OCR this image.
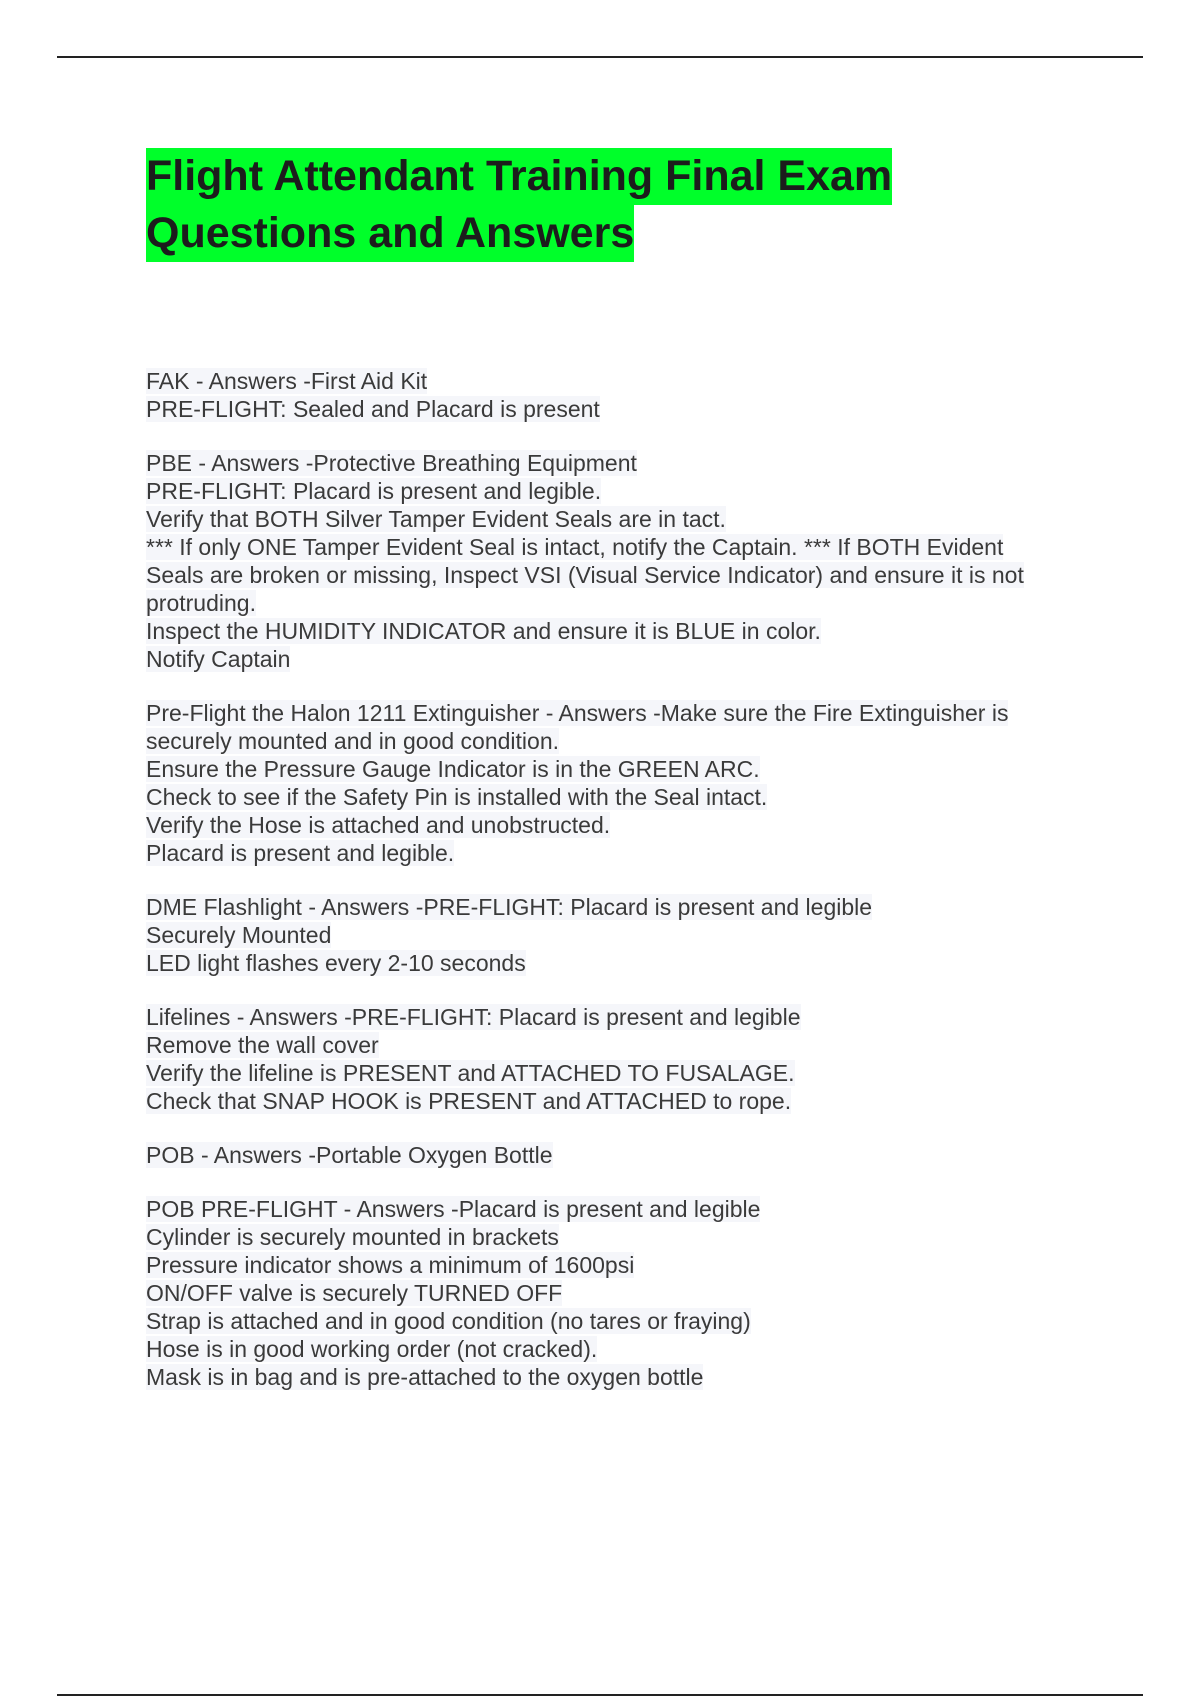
Flight Attendant Training Final Exam
Questions and Answers
FAK - Answers -First Aid Kit
PRE-FLIGHT: Sealed and Placard is present
PBE - Answers -Protective Breathing Equipment
PRE-FLIGHT: Placard is present and legible.
Verify that BOTH Silver Tamper Evident Seals are in tact.
*** If only ONE Tamper Evident Seal is intact, notify the Captain. *** If BOTH Evident
Seals are broken or missing, Inspect VSI (Visual Service Indicator) and ensure it is not
protruding.
Inspect the HUMIDITY INDICATOR and ensure it is BLUE in color.
Notify Captain
Pre-Flight the Halon 1211 Extinguisher - Answers -Make sure the Fire Extinguisher is
securely mounted and in good condition.
Ensure the Pressure Gauge Indicator is in the GREEN ARC.
Check to see if the Safety Pin is installed with the Seal intact.
Verify the Hose is attached and unobstructed.
Placard is present and legible.
DME Flashlight - Answers -PRE-FLIGHT: Placard is present and legible
Securely Mounted
LED light flashes every 2-10 seconds
Lifelines - Answers -PRE-FLIGHT: Placard is present and legible
Remove the wall cover
Verify the lifeline is PRESENT and ATTACHED TO FUSALAGE.
Check that SNAP HOOK is PRESENT and ATTACHED to rope.
POB - Answers -Portable Oxygen Bottle
POB PRE-FLIGHT - Answers -Placard is present and legible
Cylinder is securely mounted in brackets
Pressure indicator shows a minimum of 1600psi
ON/OFF valve is securely TURNED OFF
Strap is attached and in good condition (no tares or fraying)
Hose is in good working order (not cracked).
Mask is in bag and is pre-attached to the oxygen bottle
